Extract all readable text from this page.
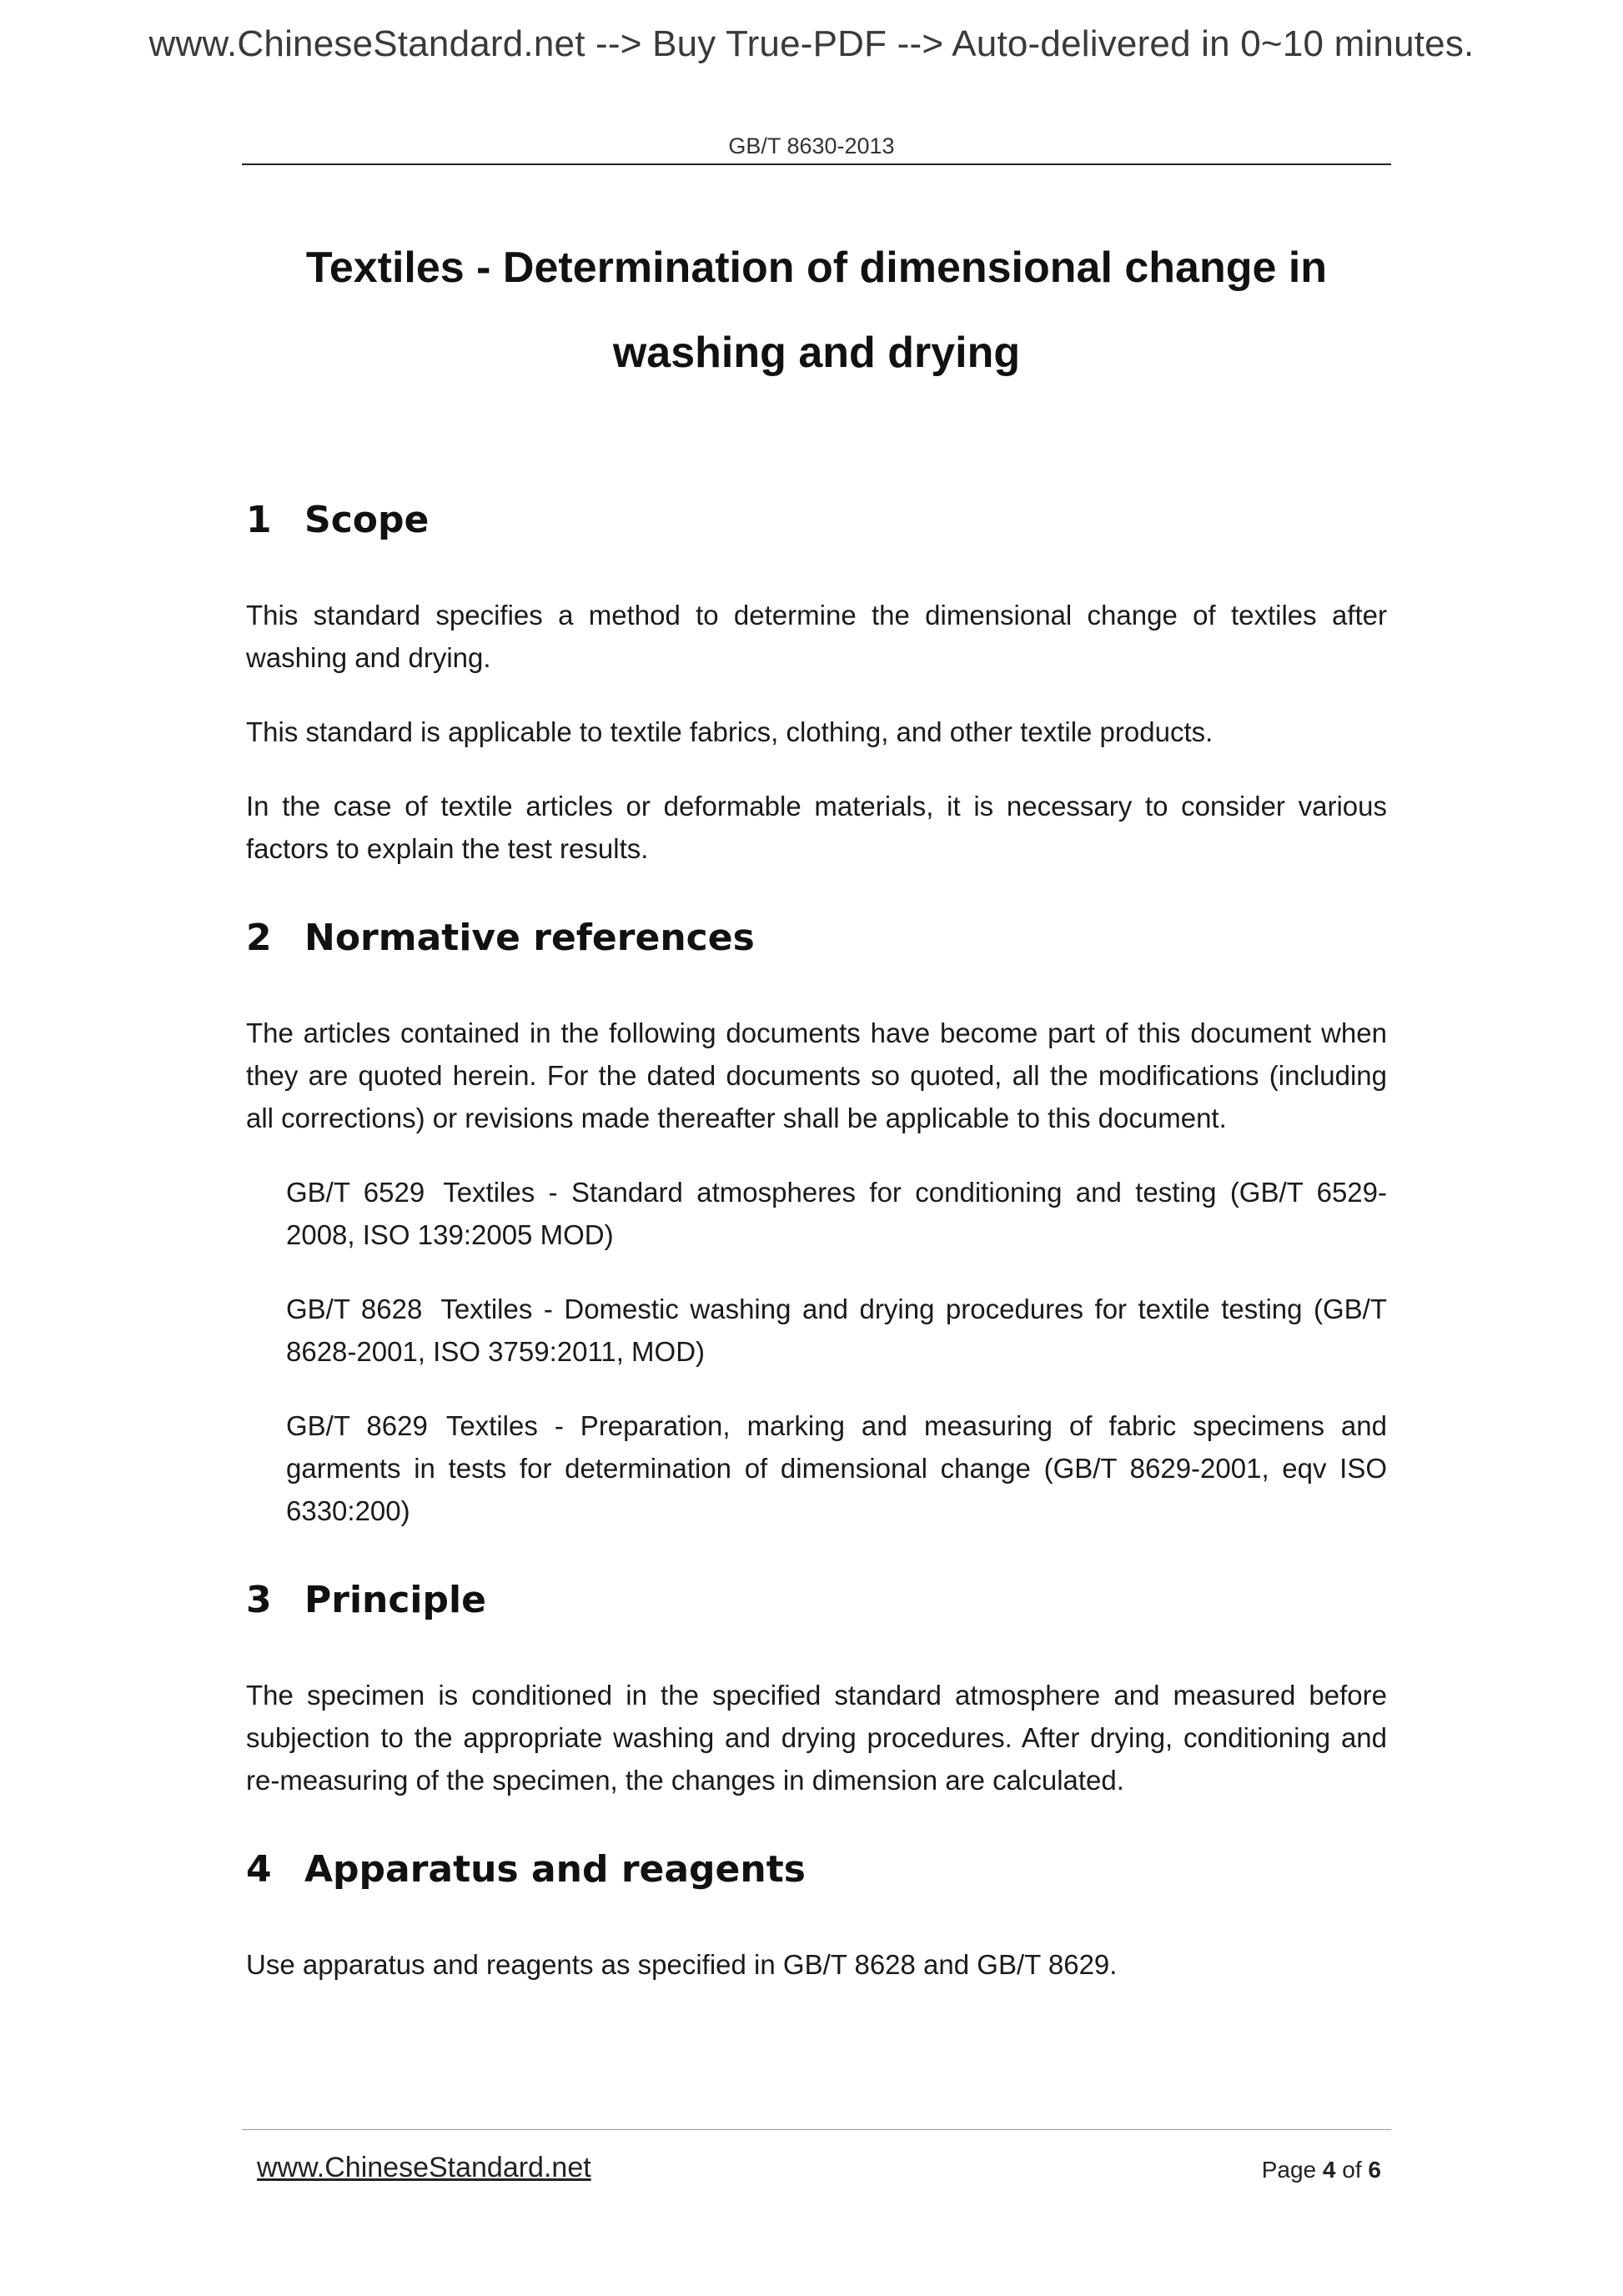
www.ChineseStandard.net --> Buy True-PDF --> Auto-delivered in 0~10 minutes.
GB/T 8630-2013
Textiles - Determination of dimensional change in
washing and drying
1 Scope

This standard specifies a method to determine the dimensional change of textiles after washing and drying.

This standard is applicable to textile fabrics, clothing, and other textile products.

In the case of textile articles or deformable materials, it is necessary to consider various factors to explain the test results.

2 Normative references

The articles contained in the following documents have become part of this document when they are quoted herein. For the dated documents so quoted, all the modifications (including all corrections) or revisions made thereafter shall be applicable to this document.

GB/T 6529 Textiles - Standard atmospheres for conditioning and testing (GB/T 6529-2008, ISO 139:2005 MOD)

GB/T 8628 Textiles - Domestic washing and drying procedures for textile testing (GB/T 8628-2001, ISO 3759:2011, MOD)

GB/T 8629 Textiles - Preparation, marking and measuring of fabric specimens and garments in tests for determination of dimensional change (GB/T 8629-2001, eqv ISO 6330:200)

3 Principle

The specimen is conditioned in the specified standard atmosphere and measured before subjection to the appropriate washing and drying procedures. After drying, conditioning and re-measuring of the specimen, the changes in dimension are calculated.

4 Apparatus and reagents

Use apparatus and reagents as specified in GB/T 8628 and GB/T 8629.

www.ChineseStandard.net	Page 4 of 6
